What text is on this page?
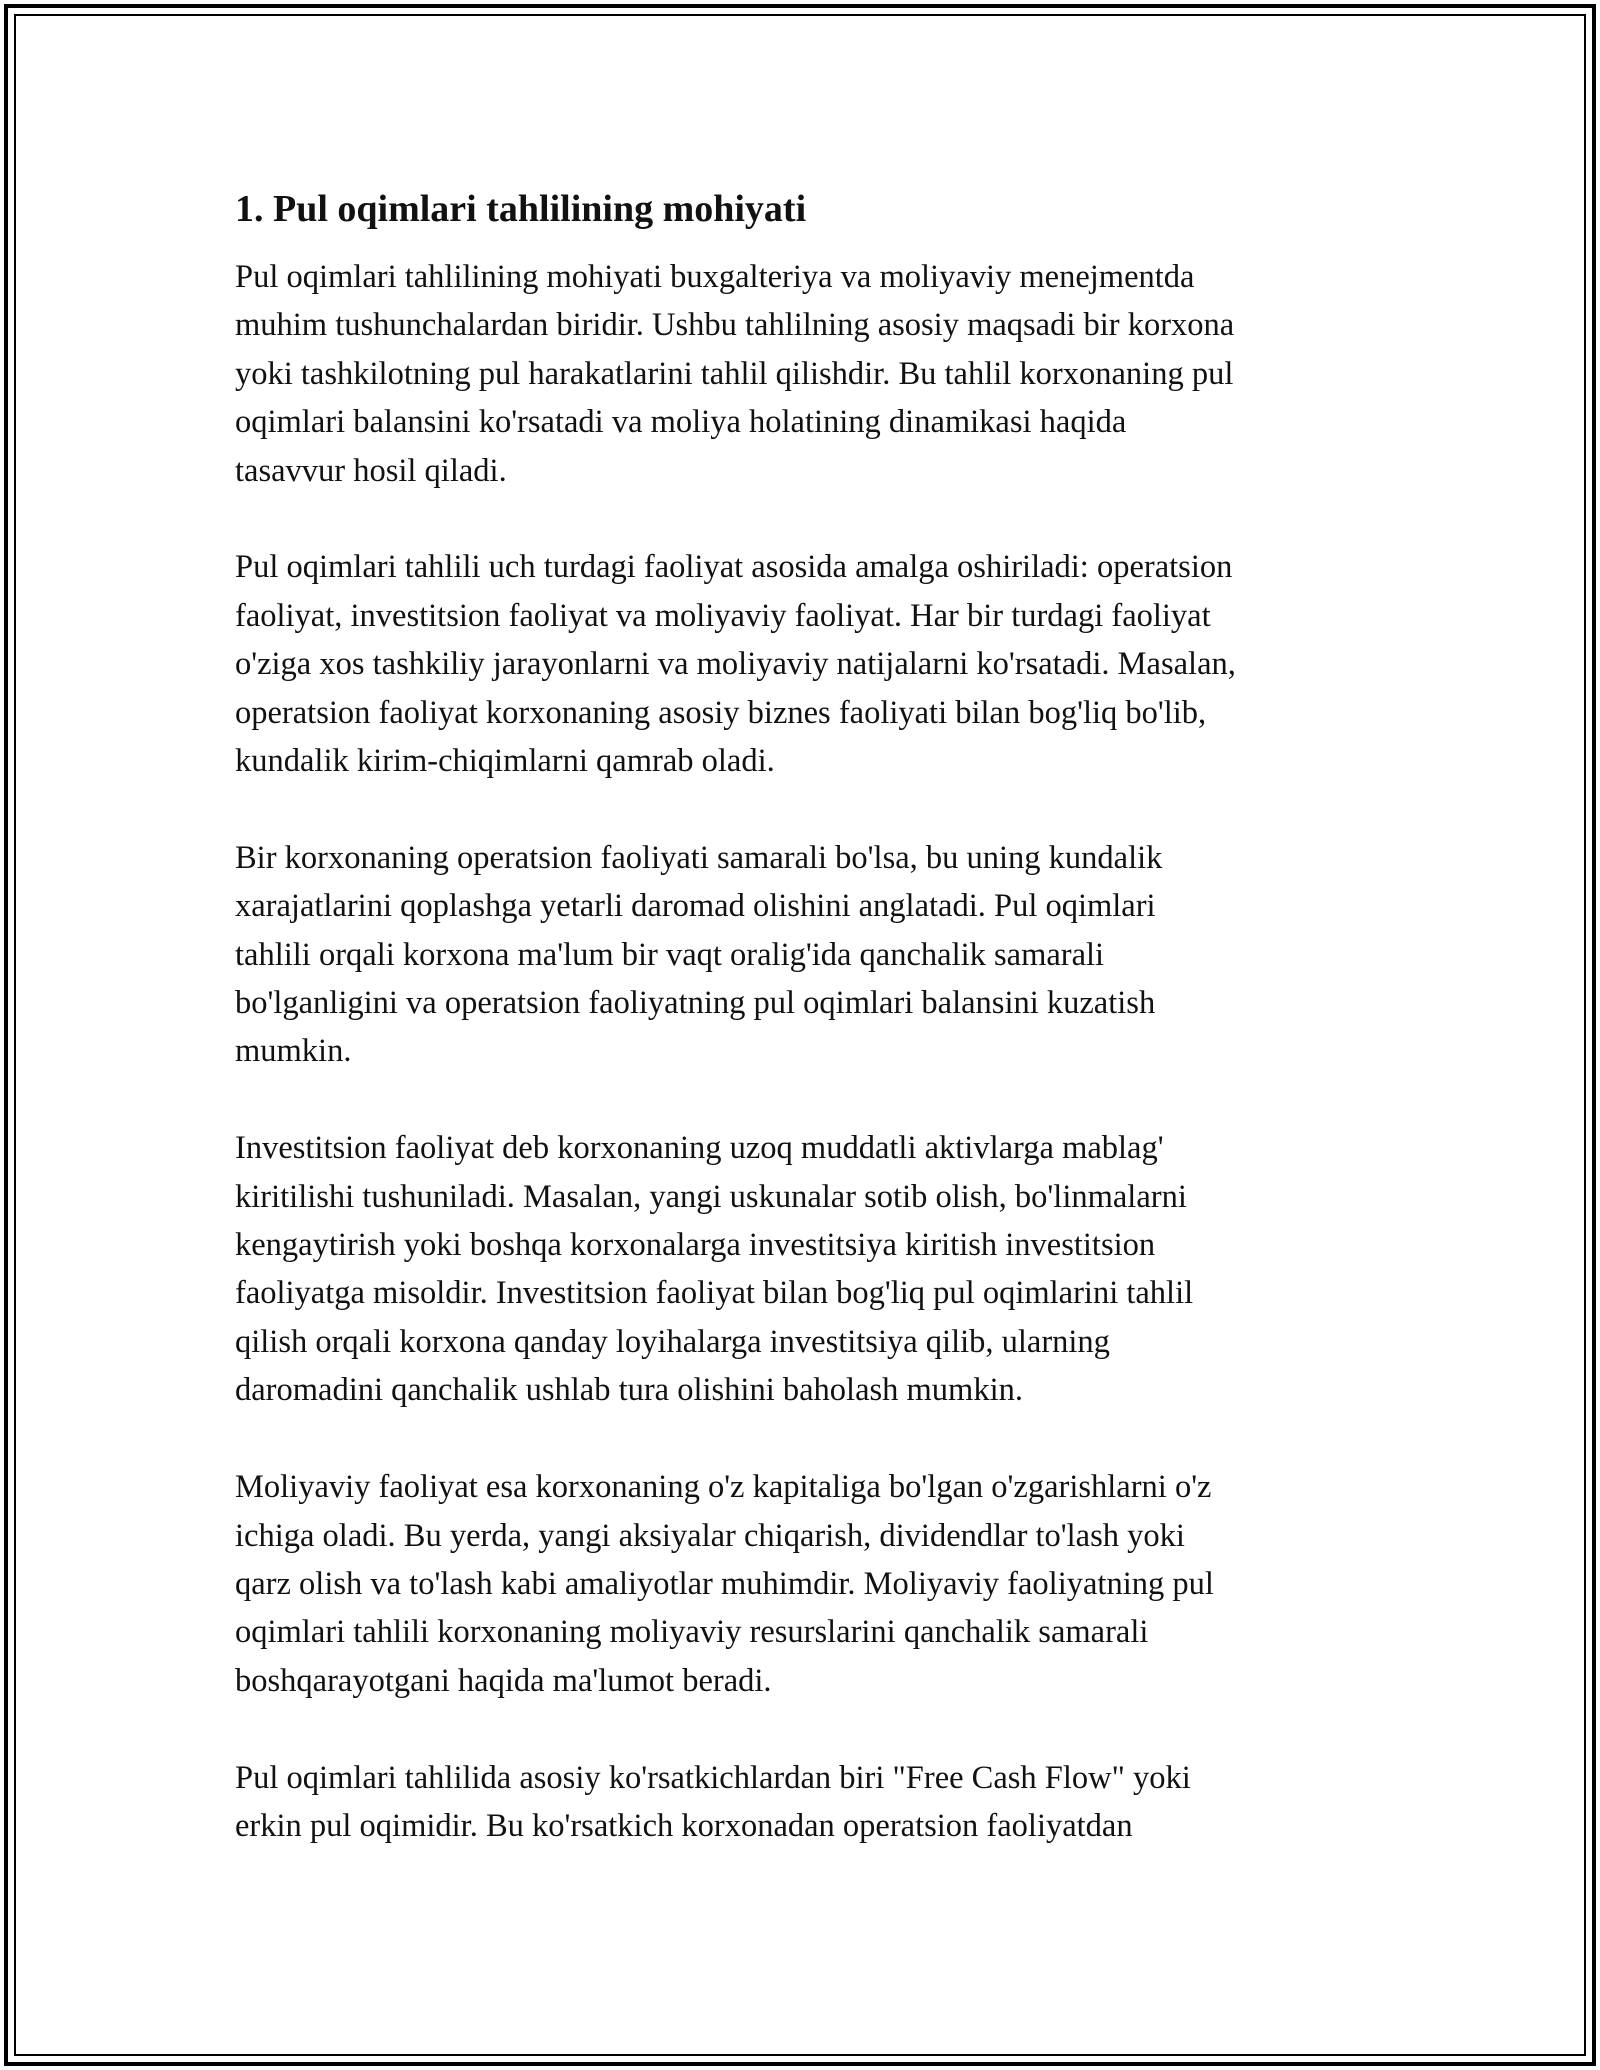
1. Pul oqimlari tahlilining mohiyati

Pul oqimlari tahlilining mohiyati buxgalteriya va moliyaviy menejmentda
muhim tushunchalardan biridir. Ushbu tahlilning asosiy maqsadi bir korxona
yoki tashkilotning pul harakatlarini tahlil qilishdir. Bu tahlil korxonaning pul
oqimlari balansini ko'rsatadi va moliya holatining dinamikasi haqida
tasavvur hosil qiladi.

Pul oqimlari tahlili uch turdagi faoliyat asosida amalga oshiriladi: operatsion
faoliyat, investitsion faoliyat va moliyaviy faoliyat. Har bir turdagi faoliyat
o'ziga xos tashkiliy jarayonlarni va moliyaviy natijalarni ko'rsatadi. Masalan,
operatsion faoliyat korxonaning asosiy biznes faoliyati bilan bog'liq bo'lib,
kundalik kirim-chiqimlarni qamrab oladi.

Bir korxonaning operatsion faoliyati samarali bo'lsa, bu uning kundalik
xarajatlarini qoplashga yetarli daromad olishini anglatadi. Pul oqimlari
tahlili orqali korxona ma'lum bir vaqt oralig'ida qanchalik samarali
bo'lganligini va operatsion faoliyatning pul oqimlari balansini kuzatish
mumkin.

Investitsion faoliyat deb korxonaning uzoq muddatli aktivlarga mablag'
kiritilishi tushuniladi. Masalan, yangi uskunalar sotib olish, bo'linmalarni
kengaytirish yoki boshqa korxonalarga investitsiya kiritish investitsion
faoliyatga misoldir. Investitsion faoliyat bilan bog'liq pul oqimlarini tahlil
qilish orqali korxona qanday loyihalarga investitsiya qilib, ularning
daromadini qanchalik ushlab tura olishini baholash mumkin.

Moliyaviy faoliyat esa korxonaning o'z kapitaliga bo'lgan o'zgarishlarni o'z
ichiga oladi. Bu yerda, yangi aksiyalar chiqarish, dividendlar to'lash yoki
qarz olish va to'lash kabi amaliyotlar muhimdir. Moliyaviy faoliyatning pul
oqimlari tahlili korxonaning moliyaviy resurslarini qanchalik samarali
boshqarayotgani haqida ma'lumot beradi.

Pul oqimlari tahlilida asosiy ko'rsatkichlardan biri "Free Cash Flow" yoki
erkin pul oqimidir. Bu ko'rsatkich korxonadan operatsion faoliyatdan
